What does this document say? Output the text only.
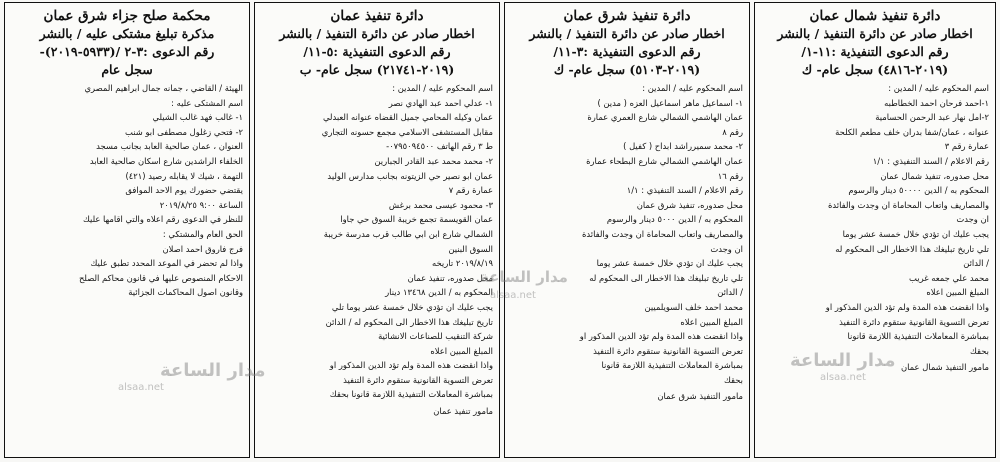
محكمة صلح جزاء شرق عمان
مذكرة تبليغ مشتكى عليه / بالنشر
رقم الدعوى :٣-٢ /(٥٩٣٣-٢٠١٩)-
سجل عام
الهيئة / القاضي ، جمانه جمال ابراهيم المصري
اسم المشتكى عليه :
١- غالب فهد غالب الشيلي
٢- فتحي زغلول مصطفى ابو شنب
العنوان ، عمان صالحية العابد بجانب مسجد
الخلفاء الراشدين شارع اسكان صالحية العابد
التهمة ، شيك لا يقابله رصيد (٤٢١)
يقتضي حضورك يوم الاحد الموافق
الساعة ٩:٠٠ ٢٠١٩/٨/٢٥
للنظر في الدعوى رقم اعلاه والتي اقامها عليك
الحق العام والمشتكي :
فرج فاروق احمد اصلان
واذا لم تحضر في الموعد المحدد تطبق عليك
الاحكام المنصوص عليها في قانون محاكم الصلح
وقانون اصول المحاكمات الجزائية
دائرة تنفيذ عمان
اخطار صادر عن دائرة التنفيذ / بالنشر
رقم الدعوى التنفيذية :٥-١١/
(٢٠١٩-٢١٧٤١) سجل عام- ب
اسم المحكوم عليه / المدين :
١- عدلي احمد عبد الهادي نصر
عمان وكيله المحامي جميل القضاه عنوانه العبدلي
مقابل المستشفى الاسلامي مجمع حسونه التجاري
ط ٣ رقم الهاتف ٠٧٩٥٠٩٤٥٠٠-
٢- محمد محمد عبد القادر الجبارين
عمان ابو نصير حي الزيتونه بجانب مدارس الوليد
عمارة رقم ٧
٣- محمود عيسى محمد برغش
عمان القويسمة تجمع خريبة السوق حي جاوا
الشمالي شارع ابن ابي طالب قرب مدرسة خريبة
السوق البنين
٢٠١٩/٨/١٩ تاريخه
محل صدوره، تنفيذ عمان
المحكوم به / الدين ١٣٤٦٨ دينار
يجب عليك ان تؤدي خلال خمسة عشر يوما تلي
تاريخ تبليغك هذا الاخطار الى المحكوم له / الدائن
شركة التنقيب للصناعات الانشائية
المبلغ المبين اعلاه
واذا انقضت هذه المدة ولم تؤد الدين المذكور او
تعرض التسوية القانونية ستقوم دائرة التنفيذ
بمباشرة المعاملات التنفيذية اللازمة قانونا بحقك
مامور تنفيذ عمان
دائرة تنفيذ شرق عمان
اخطار صادر عن دائرة التنفيذ / بالنشر
رقم الدعوى التنفيذية :٣-١١/
(٢٠١٩-٥١٠٣) سجل عام- ك
اسم المحكوم عليه / المدين :
١- اسماعيل ماهر اسماعيل العزه ( مدين )
عمان الهاشمي الشمالي شارع العمري عمارة
رقم ٨
٢- محمد سميرراشد ابداح ( كفيل )
عمان الهاشمي الشمالي شارع البطحاء عمارة
رقم ١٦
رقم الاعلام / السند التنفيذي : ١/١
محل صدوره، تنفيذ شرق عمان
المحكوم به / الدين ٥٠٠٠ دينار والرسوم
والمصاريف واتعاب المحاماة ان وجدت والفائدة
ان وجدت
يجب عليك ان تؤدي خلال خمسة عشر يوما
تلي تاريخ تبليغك هذا الاخطار الى المحكوم له
/ الدائن
محمد احمد خلف السويلميين
المبلغ المبين اعلاه
واذا انقضت هذه المدة ولم تؤد الدين المذكور او
تعرض التسوية القانونية ستقوم دائرة التنفيذ
بمباشرة المعاملات التنفيذية اللازمة قانونا
بحقك
مامور التنفيذ شرق عمان
دائرة تنفيذ شمال عمان
اخطار صادر عن دائرة التنفيذ / بالنشر
رقم الدعوى التنفيذية :١١-١/
(٢٠١٩-٤٨١٦) سجل عام- ك
اسم المحكوم عليه / المدين :
١-احمد فرحان احمد الخطاطبه
٢-امل نهار عبد الرحمن الحسامية
عنوانه ، عمان/شفا بدران خلف مطعم الكلحة
عمارة رقم ٣
رقم الاعلام / السند التنفيذي : ١/١
محل صدوره، تنفيذ شمال عمان
المحكوم به / الدين ٥٠٠٠٠ دينار والرسوم
والمصاريف واتعاب المحاماة ان وجدت والفائدة
ان وجدت
يجب عليك ان تؤدي خلال خمسة عشر يوما
تلي تاريخ تبليغك هذا الاخطار الى المحكوم له
/ الدائن
محمد علي جمعه غريب
المبلغ المبين اعلاه
واذا انقضت هذه المدة ولم تؤد الدين المذكور او
تعرض التسوية القانونية ستقوم دائرة التنفيذ
بمباشرة المعاملات التنفيذية اللازمة قانونا
بحقك
مامور التنفيذ شمال عمان
مدار الساعة
alsaa.net
مدار الساعة
alsaa.net
مدار الساعة
alsaa.net
